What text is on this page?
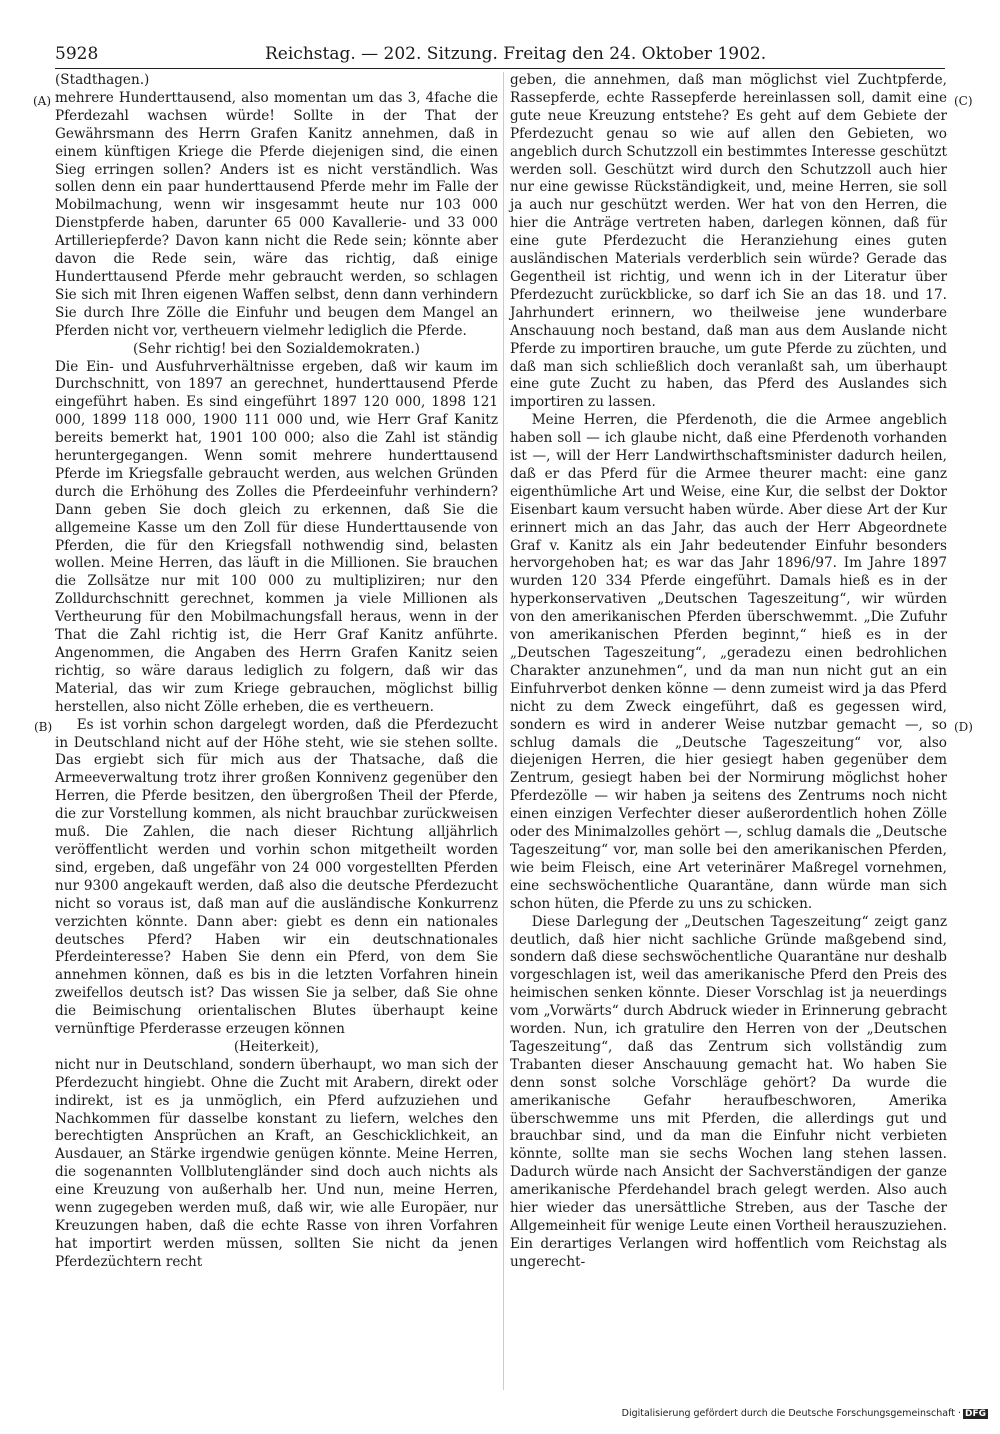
5928	Reichstag. — 202. Sitzung. Freitag den 24. Oktober 1902.
(A)
(B)
(C)
(D)

(Stadthagen.)

mehrere Hunderttausend, also momentan um das 3, 4fache die Pferdezahl wachsen würde! Sollte in der That der Gewährsmann des Herrn Grafen Kanitz annehmen, daß in einem künftigen Kriege die Pferde diejenigen sind, die einen Sieg erringen sollen? Anders ist es nicht verständlich. Was sollen denn ein paar hunderttausend Pferde mehr im Falle der Mobilmachung, wenn wir insgesammt heute nur 103 000 Dienstpferde haben, darunter 65 000 Kavallerie- und 33 000 Artilleriepferde? Davon kann nicht die Rede sein; könnte aber davon die Rede sein, wäre das richtig, daß einige Hunderttausend Pferde mehr gebraucht werden, so schlagen Sie sich mit Ihren eigenen Waffen selbst, denn dann verhindern Sie durch Ihre Zölle die Einfuhr und beugen dem Mangel an Pferden nicht vor, vertheuern vielmehr lediglich die Pferde.

(Sehr richtig! bei den Sozialdemokraten.)

Die Ein- und Ausfuhrverhältnisse ergeben, daß wir kaum im Durchschnitt, von 1897 an gerechnet, hunderttausend Pferde eingeführt haben. Es sind eingeführt 1897 120 000, 1898 121 000, 1899 118 000, 1900 111 000 und, wie Herr Graf Kanitz bereits bemerkt hat, 1901 100 000; also die Zahl ist ständig heruntergegangen. Wenn somit mehrere hunderttausend Pferde im Kriegsfalle gebraucht werden, aus welchen Gründen durch die Erhöhung des Zolles die Pferdeeinfuhr verhindern? Dann geben Sie doch gleich zu erkennen, daß Sie die allgemeine Kasse um den Zoll für diese Hunderttausende von Pferden, die für den Kriegsfall nothwendig sind, belasten wollen. Meine Herren, das läuft in die Millionen. Sie brauchen die Zollsätze nur mit 100 000 zu multipliziren; nur den Zolldurchschnitt gerechnet, kommen ja viele Millionen als Vertheurung für den Mobilmachungsfall heraus, wenn in der That die Zahl richtig ist, die Herr Graf Kanitz anführte. Angenommen, die Angaben des Herrn Grafen Kanitz seien richtig, so wäre daraus lediglich zu folgern, daß wir das Material, das wir zum Kriege gebrauchen, möglichst billig herstellen, also nicht Zölle erheben, die es vertheuern.

Es ist vorhin schon dargelegt worden, daß die Pferdezucht in Deutschland nicht auf der Höhe steht, wie sie stehen sollte. Das ergiebt sich für mich aus der Thatsache, daß die Armeeverwaltung trotz ihrer großen Konnivenz gegenüber den Herren, die Pferde besitzen, den übergroßen Theil der Pferde, die zur Vorstellung kommen, als nicht brauchbar zurückweisen muß. Die Zahlen, die nach dieser Richtung alljährlich veröffentlicht werden und vorhin schon mitgetheilt worden sind, ergeben, daß ungefähr von 24 000 vorgestellten Pferden nur 9300 angekauft werden, daß also die deutsche Pferdezucht nicht so voraus ist, daß man auf die ausländische Konkurrenz verzichten könnte. Dann aber: giebt es denn ein nationales deutsches Pferd? Haben wir ein deutschnationales Pferdeinteresse? Haben Sie denn ein Pferd, von dem Sie annehmen können, daß es bis in die letzten Vorfahren hinein zweifellos deutsch ist? Das wissen Sie ja selber, daß Sie ohne die Beimischung orientalischen Blutes überhaupt keine vernünftige Pferderasse erzeugen können

(Heiterkeit),

nicht nur in Deutschland, sondern überhaupt, wo man sich der Pferdezucht hingiebt. Ohne die Zucht mit Arabern, direkt oder indirekt, ist es ja unmöglich, ein Pferd aufzuziehen und Nachkommen für dasselbe konstant zu liefern, welches den berechtigten Ansprüchen an Kraft, an Geschicklichkeit, an Ausdauer, an Stärke irgendwie genügen könnte. Meine Herren, die sogenannten Vollblutengländer sind doch auch nichts als eine Kreuzung von außerhalb her. Und nun, meine Herren, wenn zugegeben werden muß, daß wir, wie alle Europäer, nur Kreuzungen haben, daß die echte Rasse von ihren Vorfahren hat importirt werden müssen, sollten Sie nicht da jenen Pferdezüchtern recht

geben, die annehmen, daß man möglichst viel Zuchtpferde, Rassepferde, echte Rassepferde hereinlassen soll, damit eine gute neue Kreuzung entstehe? Es geht auf dem Gebiete der Pferdezucht genau so wie auf allen den Gebieten, wo angeblich durch Schutzzoll ein bestimmtes Interesse geschützt werden soll. Geschützt wird durch den Schutzzoll auch hier nur eine gewisse Rückständigkeit, und, meine Herren, sie soll ja auch nur geschützt werden. Wer hat von den Herren, die hier die Anträge vertreten haben, darlegen können, daß für eine gute Pferdezucht die Heranziehung eines guten ausländischen Materials verderblich sein würde? Gerade das Gegentheil ist richtig, und wenn ich in der Literatur über Pferdezucht zurückblicke, so darf ich Sie an das 18. und 17. Jahrhundert erinnern, wo theilweise jene wunderbare Anschauung noch bestand, daß man aus dem Auslande nicht Pferde zu importiren brauche, um gute Pferde zu züchten, und daß man sich schließlich doch veranlaßt sah, um überhaupt eine gute Zucht zu haben, das Pferd des Auslandes sich importiren zu lassen.

Meine Herren, die Pferdenoth, die die Armee angeblich haben soll — ich glaube nicht, daß eine Pferdenoth vorhanden ist —, will der Herr Landwirthschaftsminister dadurch heilen, daß er das Pferd für die Armee theurer macht: eine ganz eigenthümliche Art und Weise, eine Kur, die selbst der Doktor Eisenbart kaum versucht haben würde. Aber diese Art der Kur erinnert mich an das Jahr, das auch der Herr Abgeordnete Graf v. Kanitz als ein Jahr bedeutender Einfuhr besonders hervorgehoben hat; es war das Jahr 1896/97. Im Jahre 1897 wurden 120 334 Pferde eingeführt. Damals hieß es in der hyperkonservativen „Deutschen Tageszeitung“, wir würden von den amerikanischen Pferden überschwemmt. „Die Zufuhr von amerikanischen Pferden beginnt,“ hieß es in der „Deutschen Tageszeitung“, „geradezu einen bedrohlichen Charakter anzunehmen“, und da man nun nicht gut an ein Einfuhrverbot denken könne — denn zumeist wird ja das Pferd nicht zu dem Zweck eingeführt, daß es gegessen wird, sondern es wird in anderer Weise nutzbar gemacht —, so schlug damals die „Deutsche Tageszeitung“ vor, also diejenigen Herren, die hier gesiegt haben gegenüber dem Zentrum, gesiegt haben bei der Normirung möglichst hoher Pferdezölle — wir haben ja seitens des Zentrums noch nicht einen einzigen Verfechter dieser außerordentlich hohen Zölle oder des Minimalzolles gehört —, schlug damals die „Deutsche Tageszeitung“ vor, man solle bei den amerikanischen Pferden, wie beim Fleisch, eine Art veterinärer Maßregel vornehmen, eine sechswöchentliche Quarantäne, dann würde man sich schon hüten, die Pferde zu uns zu schicken.

Diese Darlegung der „Deutschen Tageszeitung“ zeigt ganz deutlich, daß hier nicht sachliche Gründe maßgebend sind, sondern daß diese sechswöchentliche Quarantäne nur deshalb vorgeschlagen ist, weil das amerikanische Pferd den Preis des heimischen senken könnte. Dieser Vorschlag ist ja neuerdings vom „Vorwärts“ durch Abdruck wieder in Erinnerung gebracht worden. Nun, ich gratulire den Herren von der „Deutschen Tageszeitung“, daß das Zentrum sich vollständig zum Trabanten dieser Anschauung gemacht hat. Wo haben Sie denn sonst solche Vorschläge gehört? Da wurde die amerikanische Gefahr heraufbeschworen, Amerika überschwemme uns mit Pferden, die allerdings gut und brauchbar sind, und da man die Einfuhr nicht verbieten könnte, sollte man sie sechs Wochen lang stehen lassen. Dadurch würde nach Ansicht der Sachverständigen der ganze amerikanische Pferdehandel brach gelegt werden. Also auch hier wieder das unersättliche Streben, aus der Tasche der Allgemeinheit für wenige Leute einen Vortheil herauszuziehen. Ein derartiges Verlangen wird hoffentlich vom Reichstag als ungerecht-

Digitalisierung gefördert durch die Deutsche Forschungsgemeinschaft · DFG
